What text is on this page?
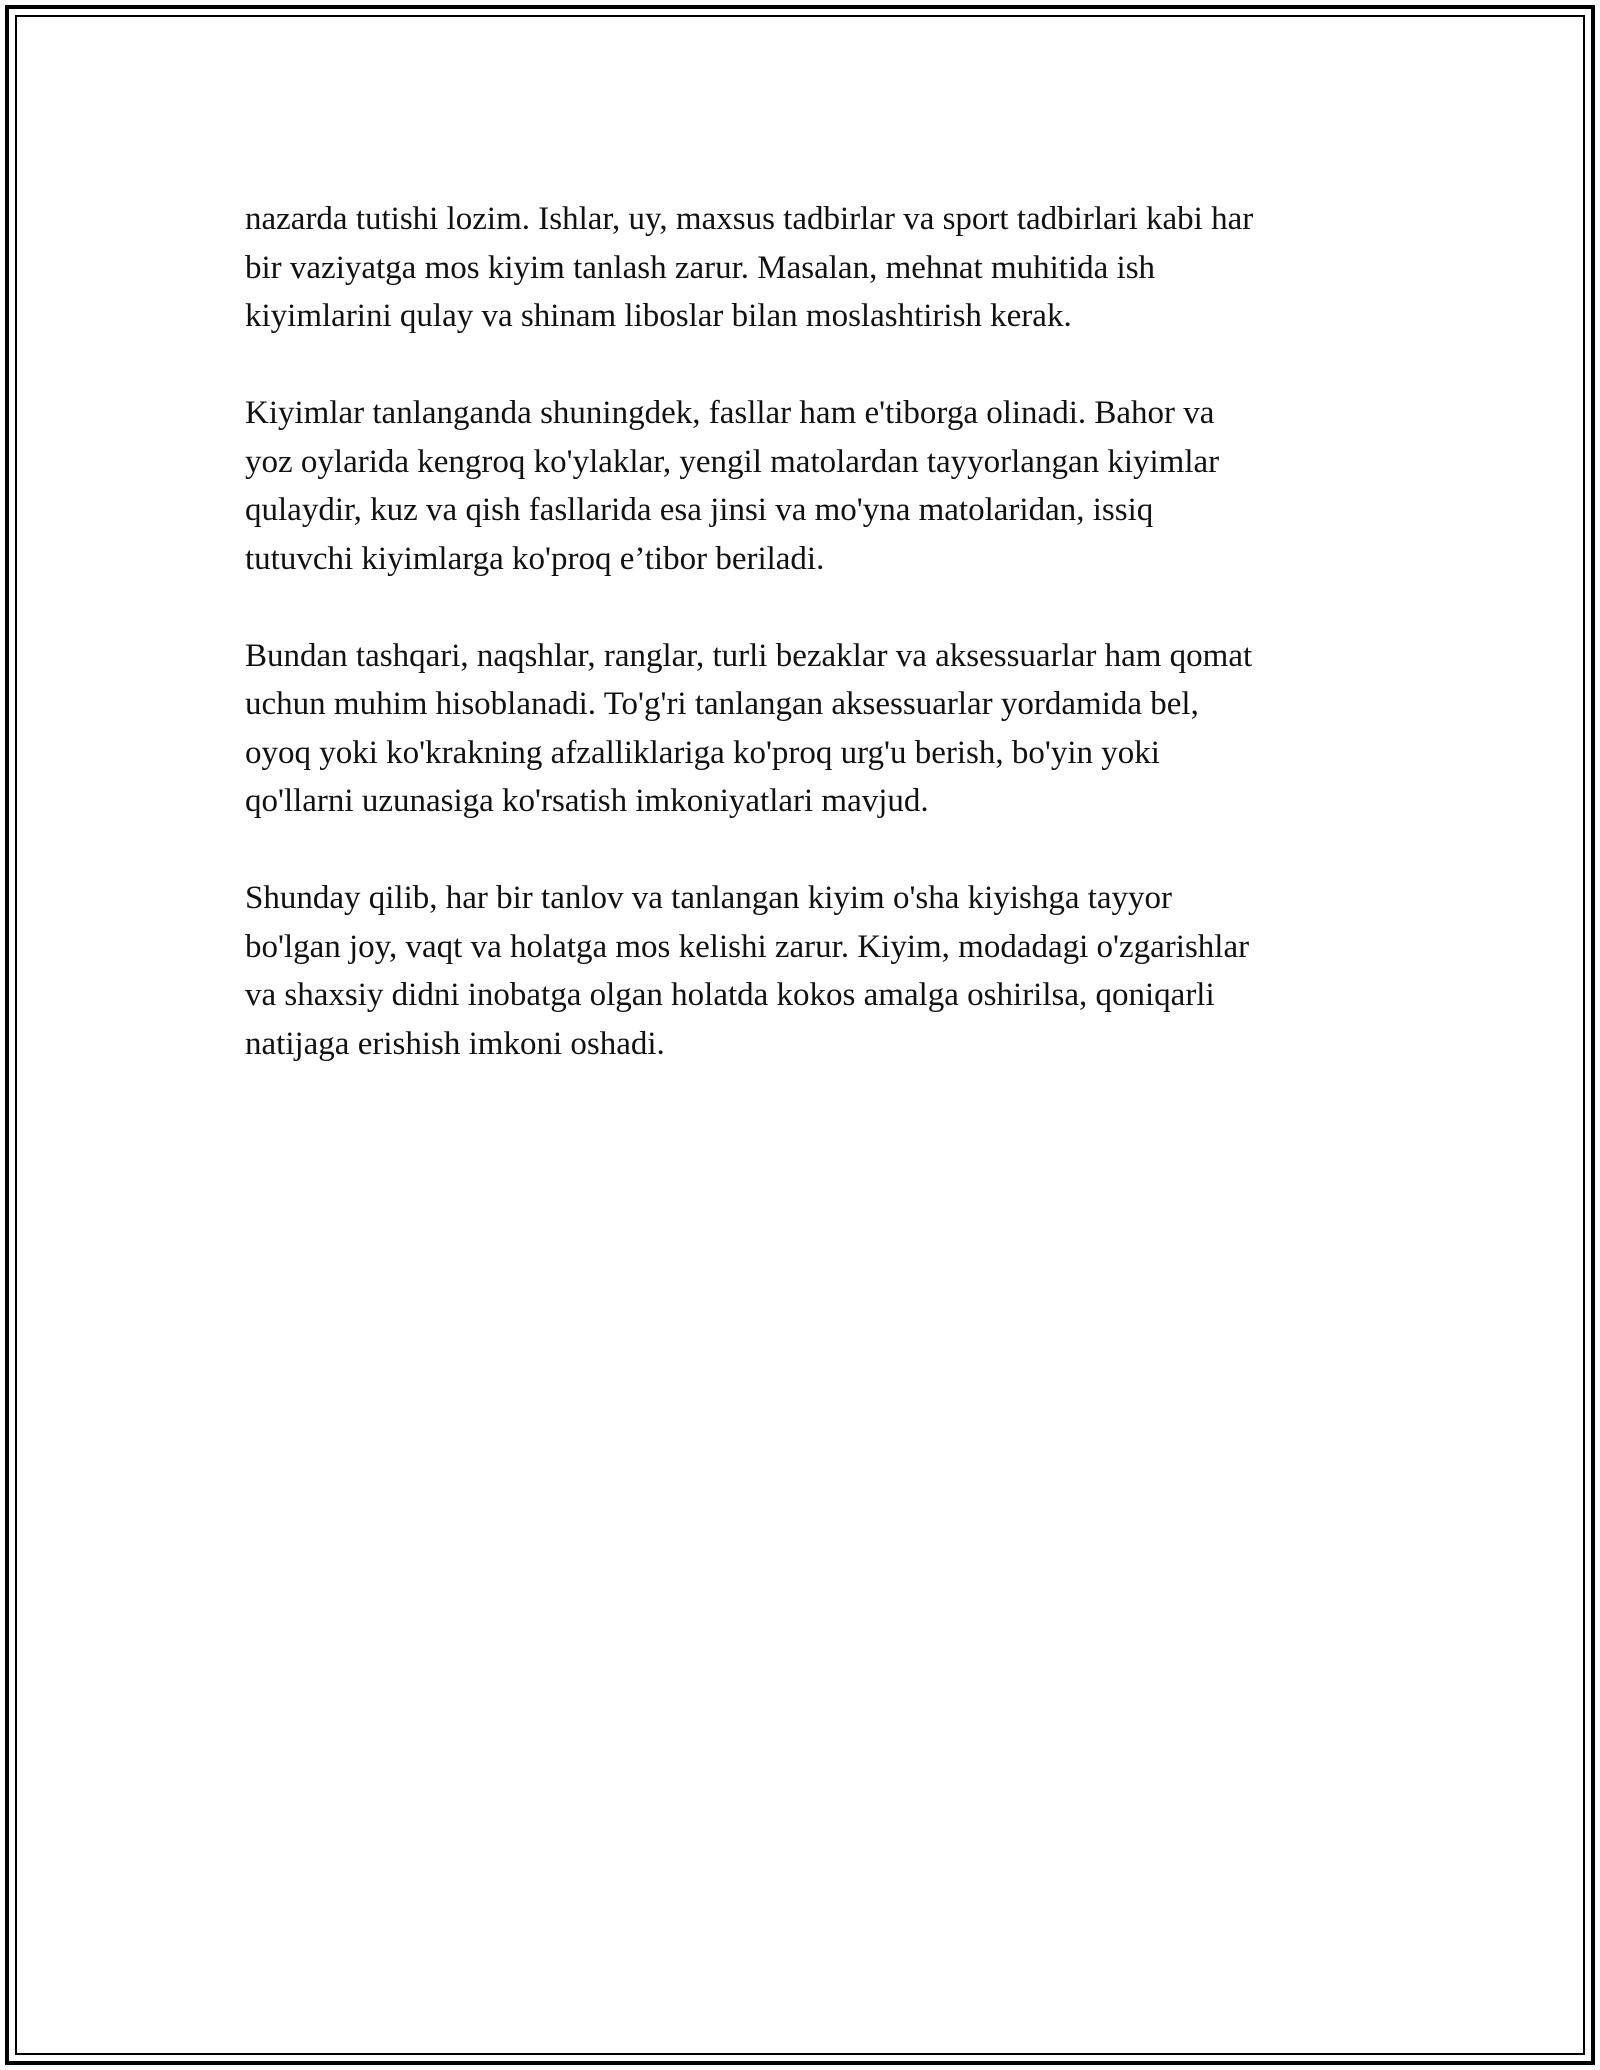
nazarda tutishi lozim. Ishlar, uy, maxsus tadbirlar va sport tadbirlari kabi har
bir vaziyatga mos kiyim tanlash zarur. Masalan, mehnat muhitida ish
kiyimlarini qulay va shinam liboslar bilan moslashtirish kerak.

Kiyimlar tanlanganda shuningdek, fasllar ham e'tiborga olinadi. Bahor va
yoz oylarida kengroq ko'ylaklar, yengil matolardan tayyorlangan kiyimlar
qulaydir, kuz va qish fasllarida esa jinsi va mo'yna matolaridan, issiq
tutuvchi kiyimlarga ko'proq e’tibor beriladi.

Bundan tashqari, naqshlar, ranglar, turli bezaklar va aksessuarlar ham qomat
uchun muhim hisoblanadi. To'g'ri tanlangan aksessuarlar yordamida bel,
oyoq yoki ko'krakning afzalliklariga ko'proq urg'u berish, bo'yin yoki
qo'llarni uzunasiga ko'rsatish imkoniyatlari mavjud.

Shunday qilib, har bir tanlov va tanlangan kiyim o'sha kiyishga tayyor
bo'lgan joy, vaqt va holatga mos kelishi zarur. Kiyim, modadagi o'zgarishlar
va shaxsiy didni inobatga olgan holatda kokos amalga oshirilsa, qoniqarli
natijaga erishish imkoni oshadi.
